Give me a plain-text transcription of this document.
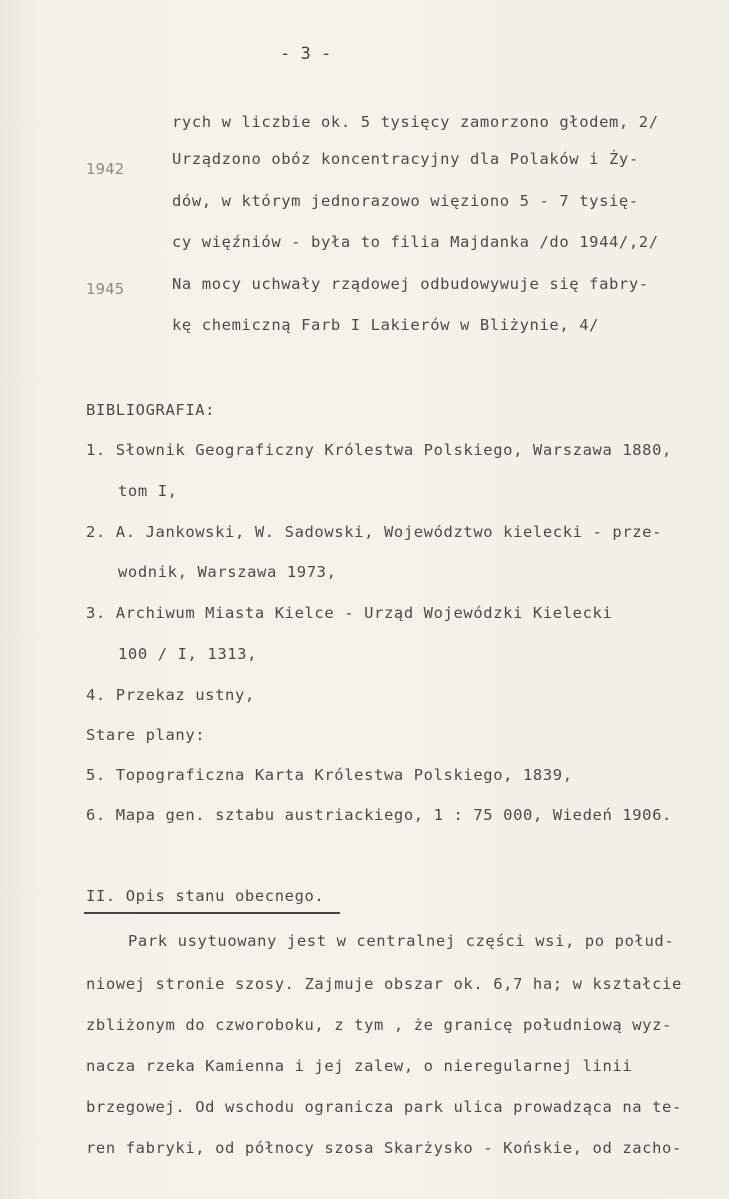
- 3 -
rych w liczbie ok. 5 tysięcy zamorzono głodem, 2/
1942
Urządzono obóz koncentracyjny dla Polaków i Ży-
dów, w którym jednorazowo więziono 5 - 7 tysię-
cy więźniów - była to filia Majdanka /do 1944/,2/
1945	Na mocy uchwały rządowej odbudowywuje się fabry-
kę chemiczną Farb I Lakierów w Bliżynie, 4/
BIBLIOGRAFIA:
1. Słownik Geograficzny Królestwa Polskiego, Warszawa 1880,
tom I,
2. A. Jankowski, W. Sadowski, Województwo kielecki - prze-
wodnik, Warszawa 1973,
3. Archiwum Miasta Kielce - Urząd Wojewódzki Kielecki
100 / I, 1313,
4. Przekaz ustny,
Stare plany:
5. Topograficzna Karta Królestwa Polskiego, 1839,
6. Mapa gen. sztabu austriackiego, 1 : 75 000, Wiedeń 1906.
II. Opis stanu obecnego.
Park usytuowany jest w centralnej części wsi, po połud-
niowej stronie szosy. Zajmuje obszar ok. 6,7 ha; w kształcie
zbliżonym do czworoboku, z tym , że granicę południową wyz-
nacza rzeka Kamienna i jej zalew, o nieregularnej linii
brzegowej. Od wschodu ogranicza park ulica prowadząca na te-
ren fabryki, od północy szosa Skarżysko - Końskie, od zacho-
